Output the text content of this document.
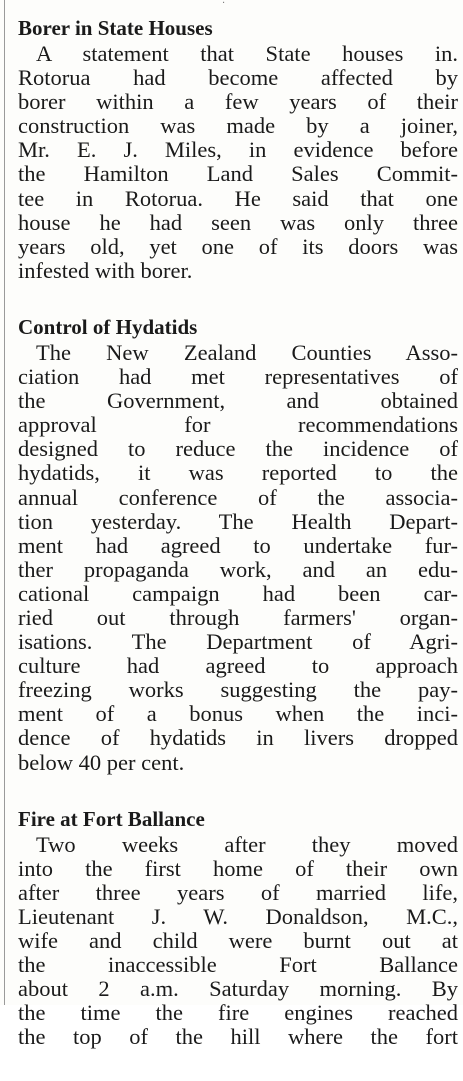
·
Borer in State Houses
A statement that State houses in.
Rotorua had become affected by
borer within a few years of their
construction was made by a joiner,
Mr. E. J. Miles, in evidence before
the Hamilton Land Sales Commit-
tee in Rotorua. He said that one
house he had seen was only three
years old, yet one of its doors was
infested with borer.
Control of Hydatids
The New Zealand Counties Asso-
ciation had met representatives of
the Government, and obtained
approval for recommendations
designed to reduce the incidence of
hydatids, it was reported to the
annual conference of the associa-
tion yesterday. The Health Depart-
ment had agreed to undertake fur-
ther propaganda work, and an edu-
cational campaign had been car-
ried out through farmers' organ-
isations. The Department of Agri-
culture had agreed to approach
freezing works suggesting the pay-
ment of a bonus when the inci-
dence of hydatids in livers dropped
below 40 per cent.
Fire at Fort Ballance
Two weeks after they moved
into the first home of their own
after three years of married life,
Lieutenant J. W. Donaldson, M.C.,
wife and child were burnt out at
the inaccessible Fort Ballance
about 2 a.m. Saturday morning. By
the time the fire engines reached
the top of the hill where the fort
